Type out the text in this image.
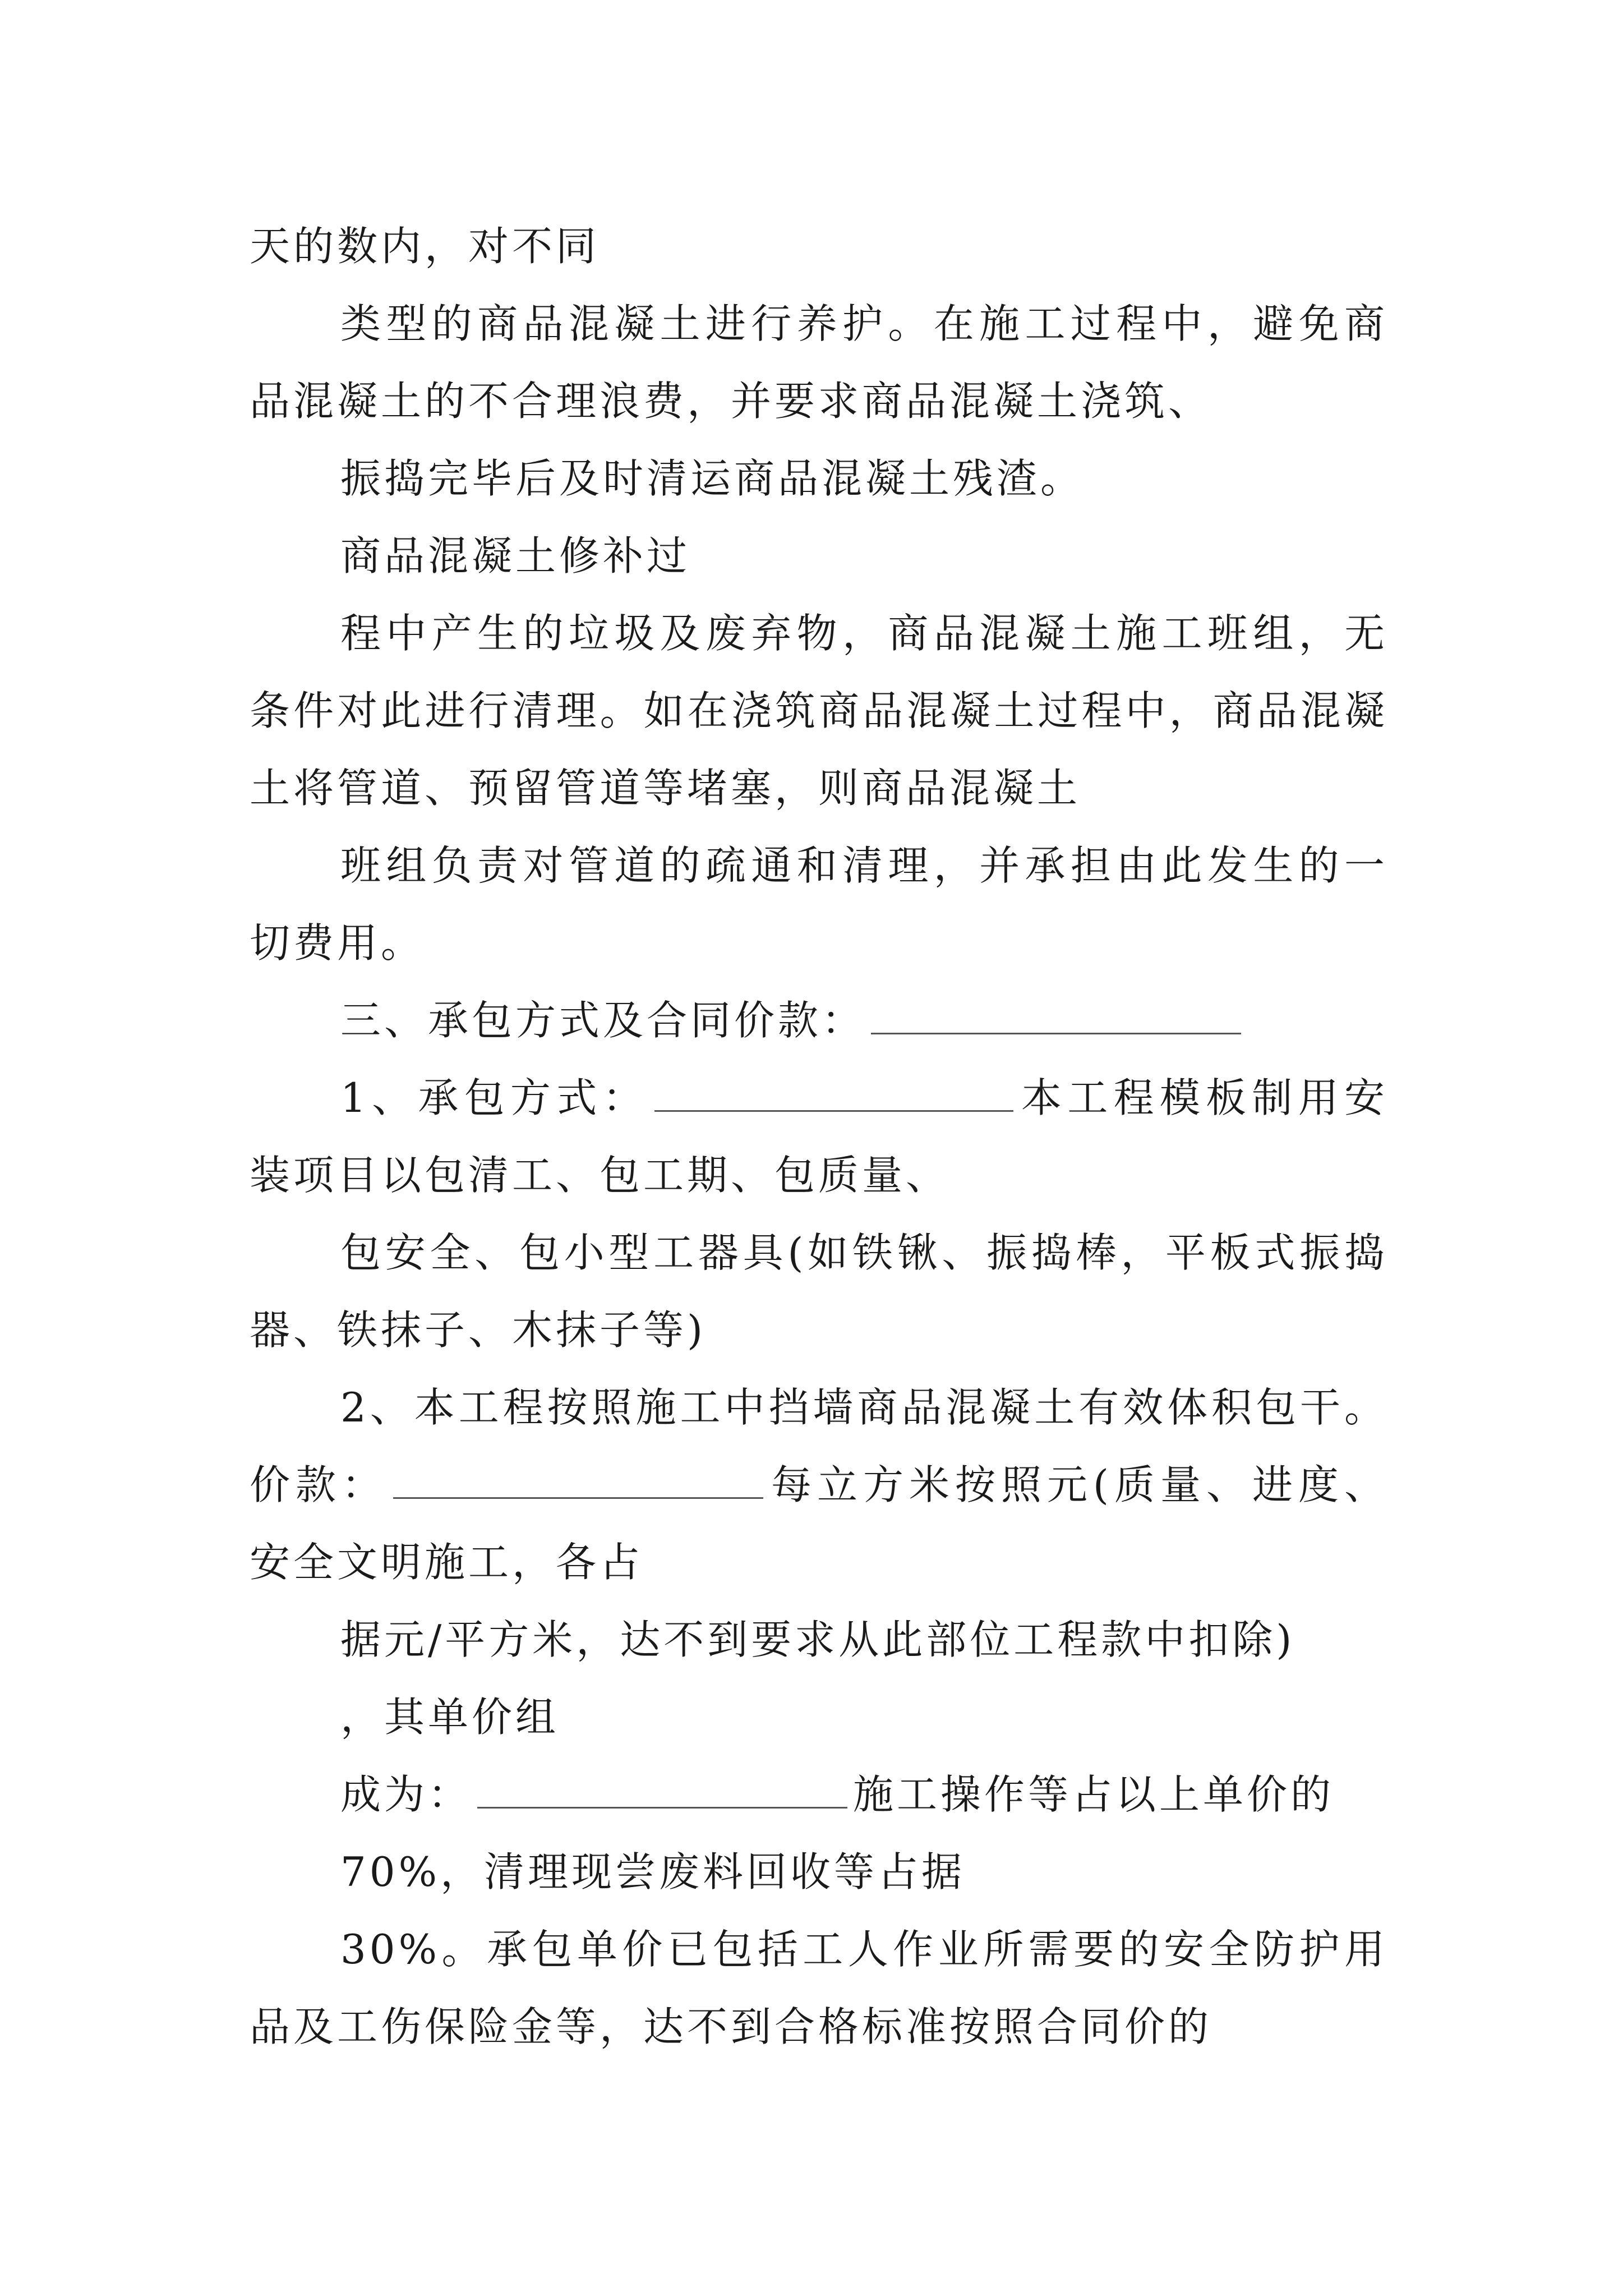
天的数内，对不同

类型的商品混凝土进行养护。在施工过程中，避免商品混凝土的不合理浪费，并要求商品混凝土浇筑、

振捣完毕后及时清运商品混凝土残渣。

商品混凝土修补过

程中产生的垃圾及废弃物，商品混凝土施工班组，无条件对此进行清理。如在浇筑商品混凝土过程中，商品混凝土将管道、预留管道等堵塞，则商品混凝土

班组负责对管道的疏通和清理，并承担由此发生的一切费用。

三、承包方式及合同价款：

1、承包方式：	本工程模板制用安装项目以包清工、包工期、包质量、

包安全、包小型工器具(如铁锹、振捣棒，平板式振捣器、铁抹子、木抹子等)

2、本工程按照施工中挡墙商品混凝土有效体积包干。价款：	每立方米按照元(质量、进度、安全文明施工，各占

据元/平方米，达不到要求从此部位工程款中扣除)

，其单价组

成为：	施工操作等占以上单价的

70%，清理现尝废料回收等占据

30%。承包单价已包括工人作业所需要的安全防护用品及工伤保险金等，达不到合格标准按照合同价的
